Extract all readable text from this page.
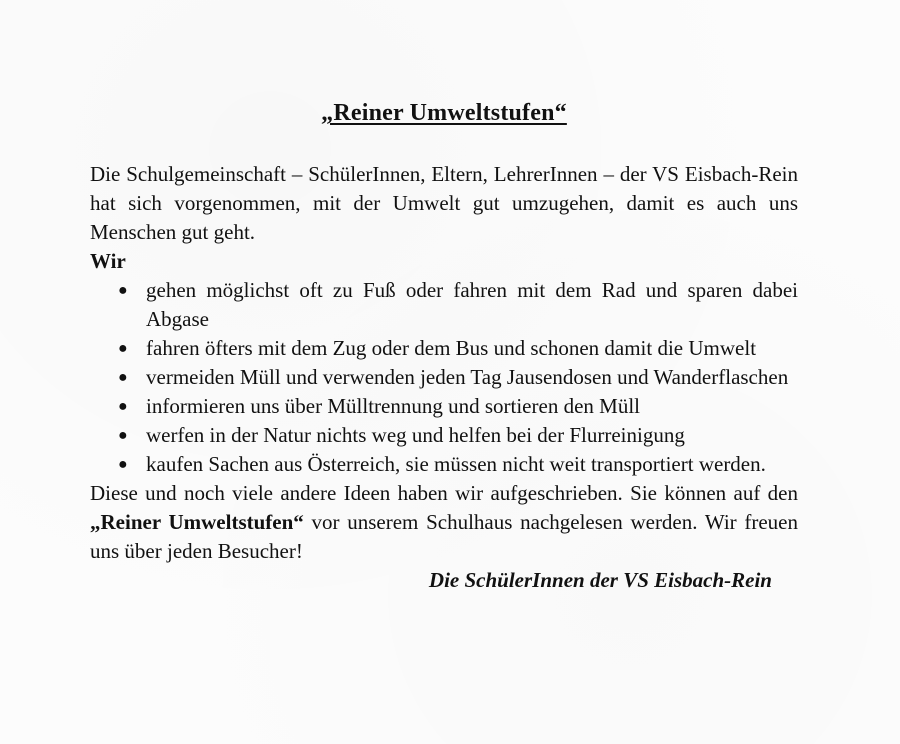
„Reiner Umweltstufen“

Die Schulgemeinschaft – SchülerInnen, Eltern, LehrerInnen – der VS Eisbach-Rein hat sich vorgenommen, mit der Umwelt gut umzugehen, damit es auch uns Menschen gut geht.

Wir

● gehen möglichst oft zu Fuß oder fahren mit dem Rad und sparen dabei Abgase
● fahren öfters mit dem Zug oder dem Bus und schonen damit die Umwelt
● vermeiden Müll und verwenden jeden Tag Jausendosen und Wanderflaschen
● informieren uns über Mülltrennung und sortieren den Müll
● werfen in der Natur nichts weg und helfen bei der Flurreinigung
● kaufen Sachen aus Österreich, sie müssen nicht weit transportiert werden.

Diese und noch viele andere Ideen haben wir aufgeschrieben. Sie können auf den „Reiner Umweltstufen“ vor unserem Schulhaus nachgelesen werden. Wir freuen uns über jeden Besucher!

Die SchülerInnen der VS Eisbach-Rein
